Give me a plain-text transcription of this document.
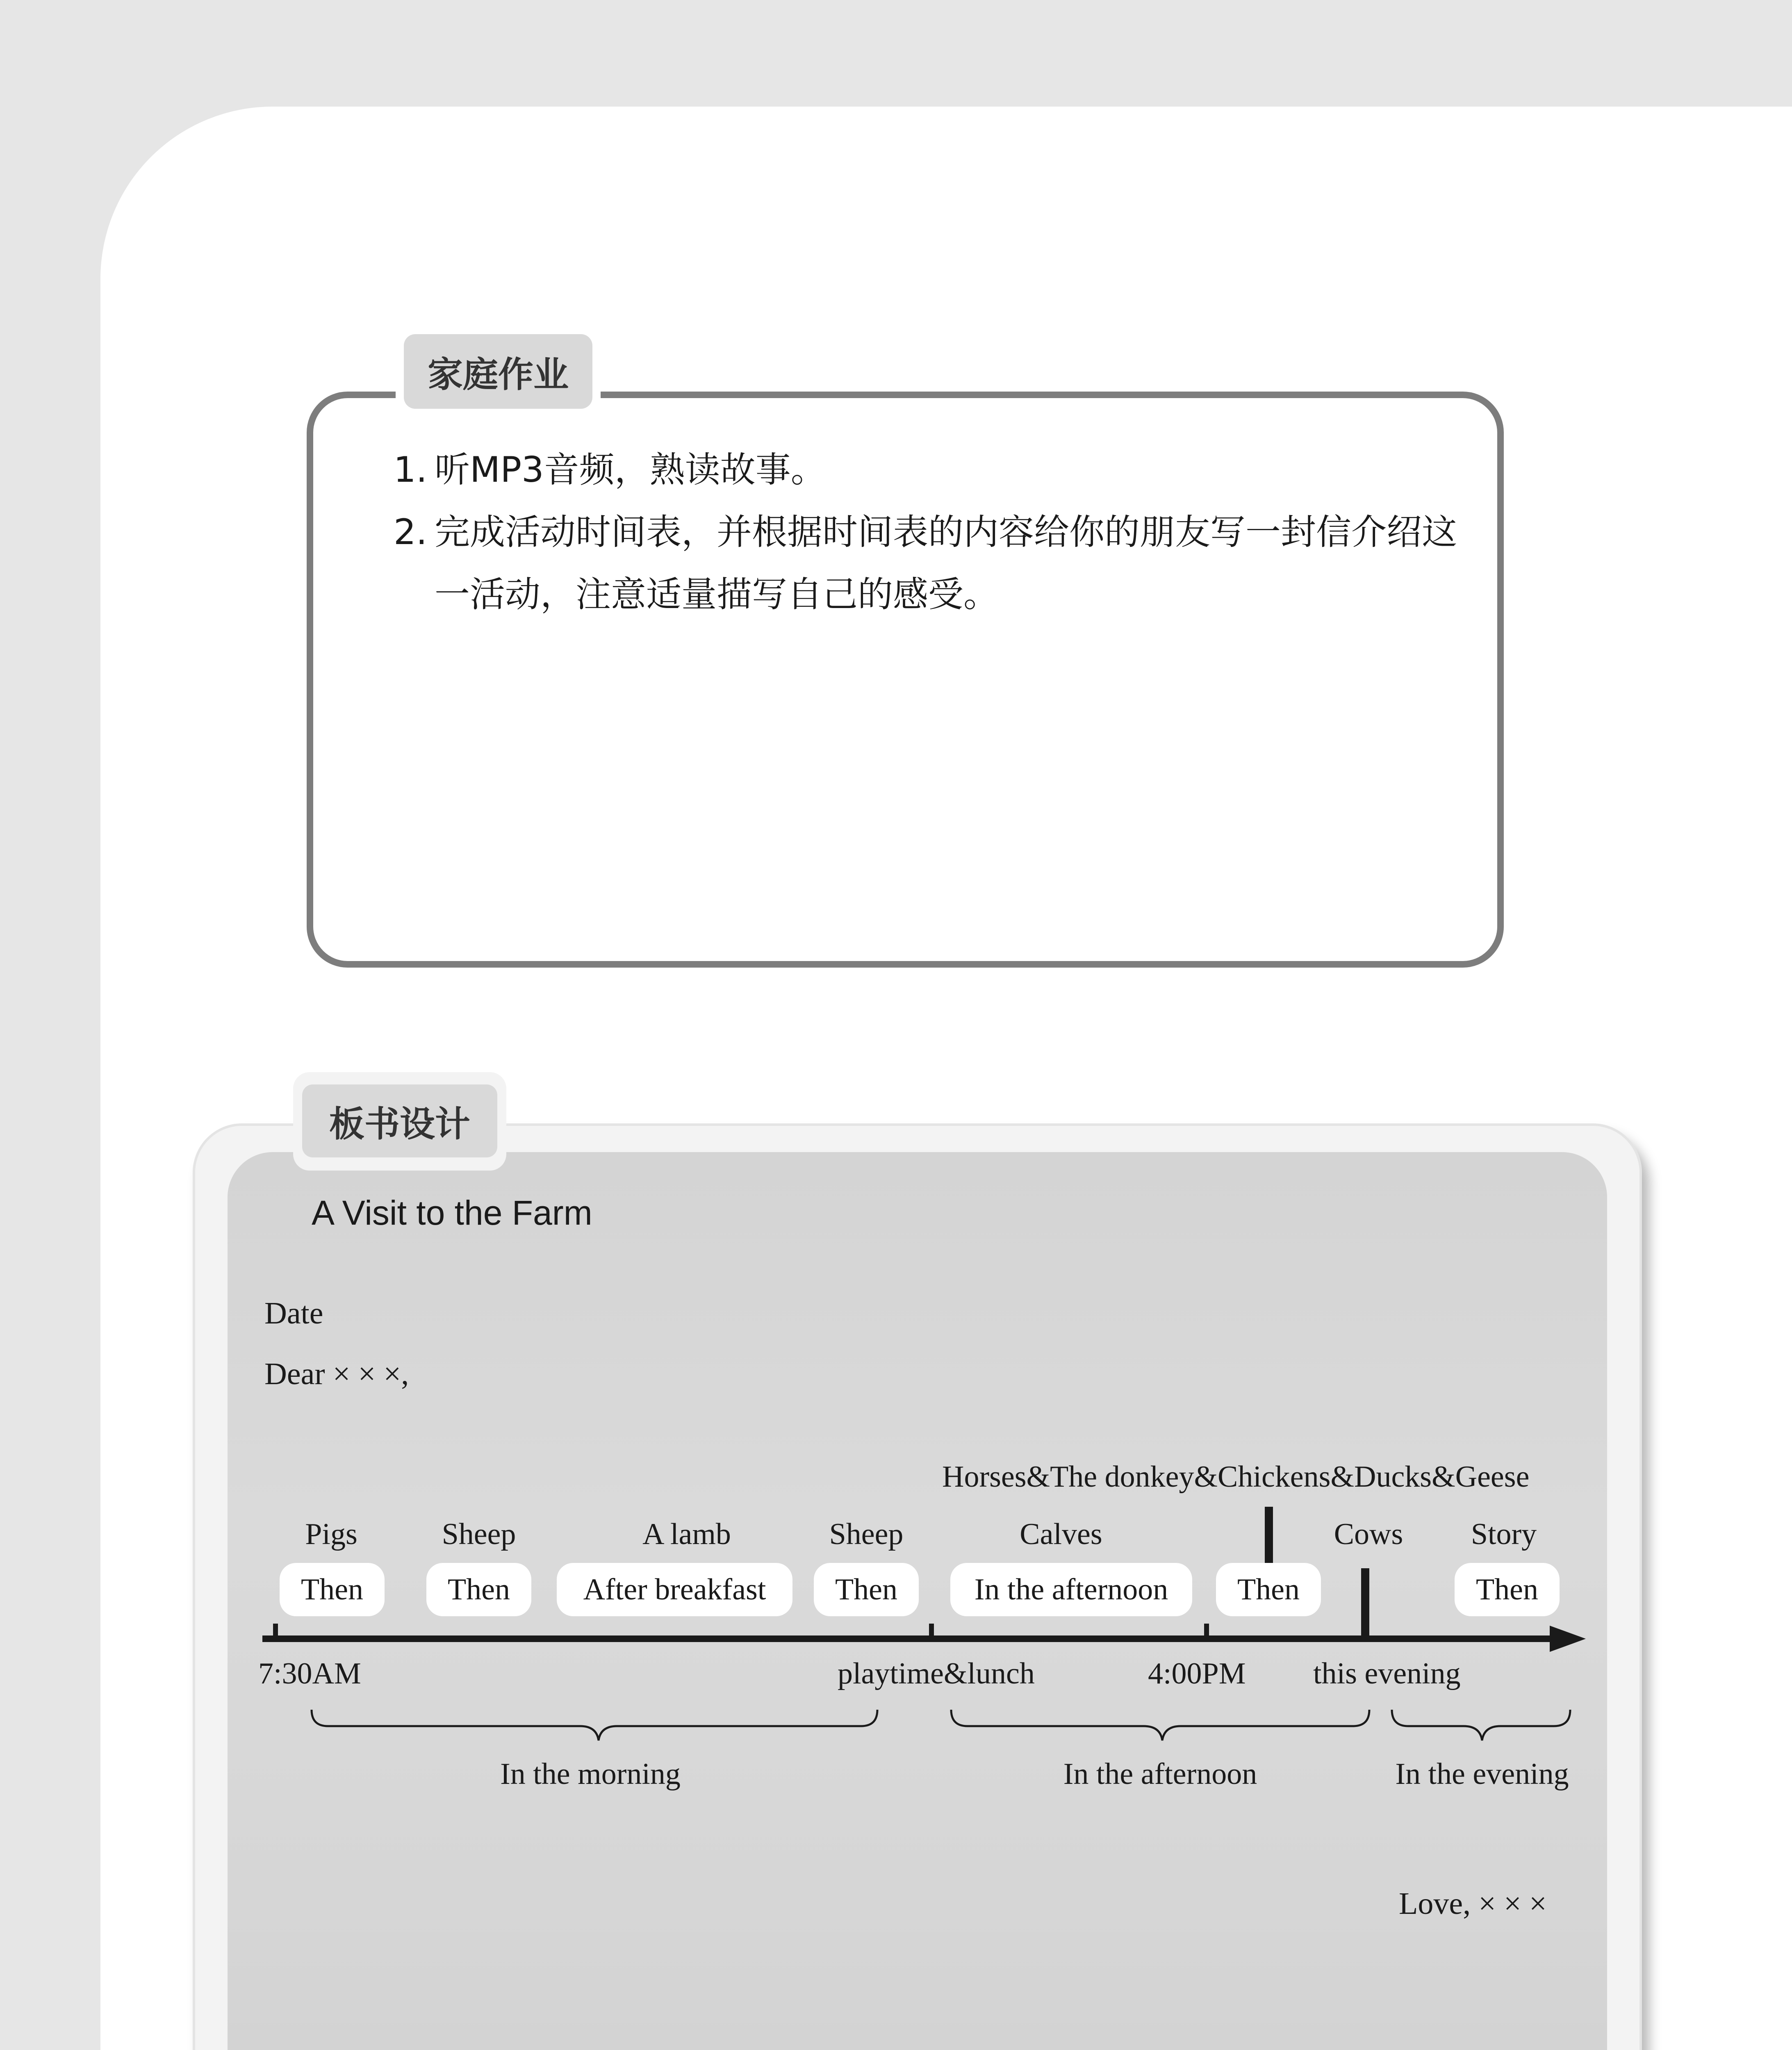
家庭作业
1. 听MP3音频，熟读故事。
2. 完成活动时间表，并根据时间表的内容给你的朋友写一封信介绍这一活动，注意适量描写自己的感受。
板书设计
A Visit to the Farm
Date
Dear × × ×,
Horses&The donkey&Chickens&Ducks&Geese
Pigs	Sheep	A lamb	Sheep	Calves	Cows Story
Then	Then	After breakfast	Then	In the afternoon	Then	Then
7:30AM	playtime&lunch	4:00PM this evening
In the morning	In the afternoon	In the evening
Love, × × ×
